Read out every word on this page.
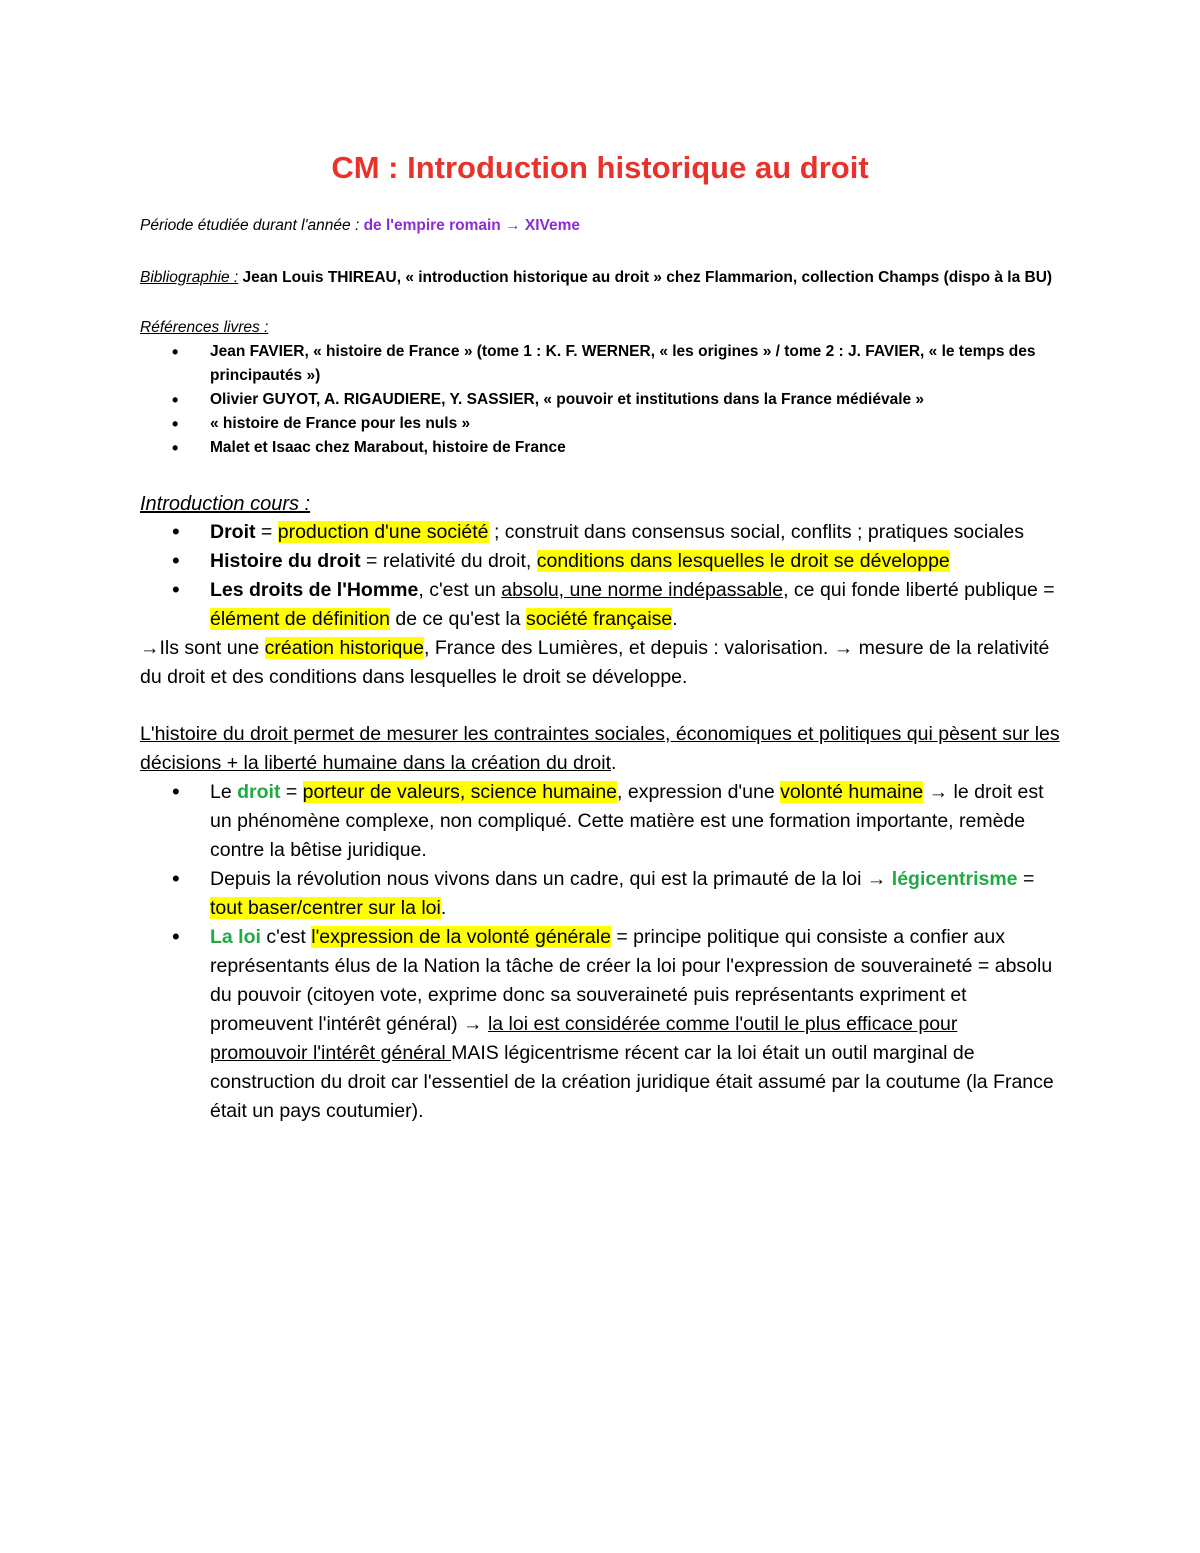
CM : Introduction historique au droit
Période étudiée durant l'année : de l'empire romain → XIVeme
Bibliographie : Jean Louis THIREAU, « introduction historique au droit » chez Flammarion, collection Champs (dispo à la BU)
Références livres :
• Jean FAVIER, « histoire de France » (tome 1 : K. F. WERNER, « les origines » / tome 2 : J. FAVIER, « le temps des principautés »)
• Olivier GUYOT, A. RIGAUDIERE, Y. SASSIER, « pouvoir et institutions dans la France médiévale »
• « histoire de France pour les nuls »
• Malet et Isaac chez Marabout, histoire de France
Introduction cours :
• Droit = production d'une société ; construit dans consensus social, conflits ; pratiques sociales
• Histoire du droit = relativité du droit, conditions dans lesquelles le droit se développe
• Les droits de l'Homme, c'est un absolu, une norme indépassable, ce qui fonde liberté publique = élément de définition de ce qu'est la société française.
→Ils sont une création historique, France des Lumières, et depuis : valorisation. → mesure de la relativité du droit et des conditions dans lesquelles le droit se développe.
L'histoire du droit permet de mesurer les contraintes sociales, économiques et politiques qui pèsent sur les décisions + la liberté humaine dans la création du droit.
• Le droit = porteur de valeurs, science humaine, expression d'une volonté humaine → le droit est un phénomène complexe, non compliqué. Cette matière est une formation importante, remède contre la bêtise juridique.
• Depuis la révolution nous vivons dans un cadre, qui est la primauté de la loi → légicentrisme = tout baser/centrer sur la loi.
• La loi c'est l'expression de la volonté générale = principe politique qui consiste a confier aux représentants élus de la Nation la tâche de créer la loi pour l'expression de souveraineté = absolu du pouvoir (citoyen vote, exprime donc sa souveraineté puis représentants expriment et promeuvent l'intérêt général) → la loi est considérée comme l'outil le plus efficace pour promouvoir l'intérêt général MAIS légicentrisme récent car la loi était un outil marginal de construction du droit car l'essentiel de la création juridique était assumé par la coutume (la France était un pays coutumier).
